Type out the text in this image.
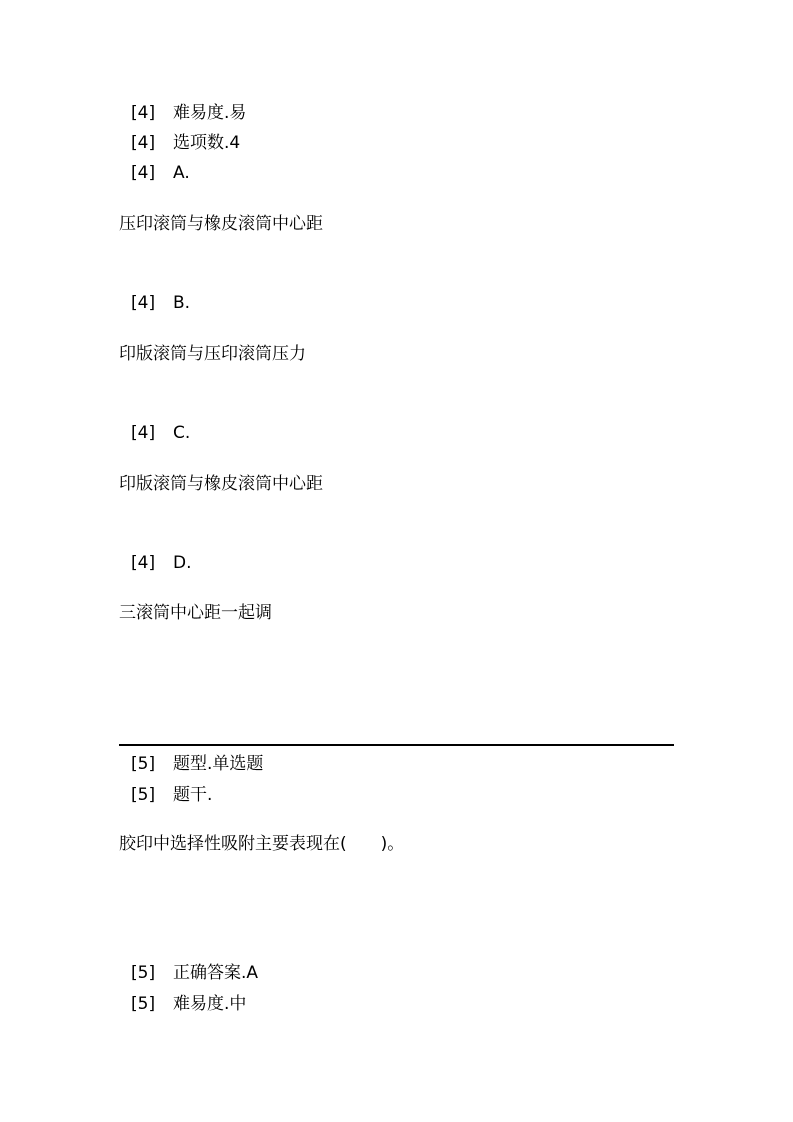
[4] 难易度.易
[4] 选项数.4
[4] A.
压印滚筒与橡皮滚筒中心距
[4] B.
印版滚筒与压印滚筒压力
[4] C.
印版滚筒与橡皮滚筒中心距
[4] D.
三滚筒中心距一起调
[5] 题型.单选题
[5] 题干.
胶印中选择性吸附主要表现在(　　)。
[5] 正确答案.A
[5] 难易度.中
